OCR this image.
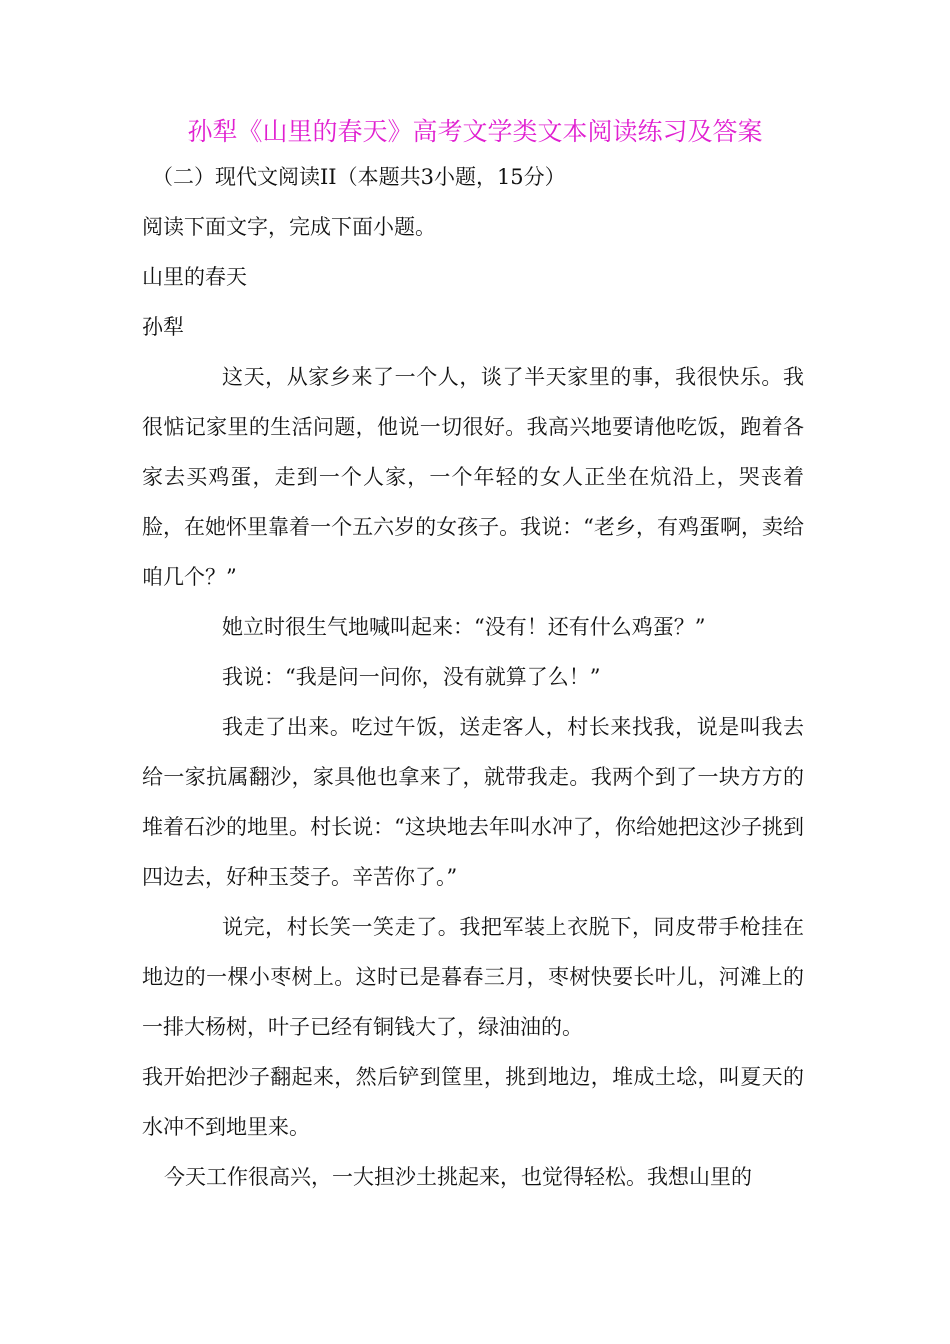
孙犁《山里的春天》高考文学类文本阅读练习及答案
（二）现代文阅读II（本题共3小题，15分）
阅读下面文字，完成下面小题。
山里的春天
孙犁

这天，从家乡来了一个人，谈了半天家里的事，我很快乐。我很惦记家里的生活问题，他说一切很好。我高兴地要请他吃饭，跑着各家去买鸡蛋，走到一个人家，一个年轻的女人正坐在炕沿上，哭丧着脸，在她怀里靠着一个五六岁的女孩子。我说：“老乡，有鸡蛋啊，卖给咱几个？”

她立时很生气地喊叫起来：“没有！还有什么鸡蛋？”

我说：“我是问一问你，没有就算了么！”

我走了出来。吃过午饭，送走客人，村长来找我，说是叫我去给一家抗属翻沙，家具他也拿来了，就带我走。我两个到了一块方方的堆着石沙的地里。村长说：“这块地去年叫水冲了，你给她把这沙子挑到四边去，好种玉茭子。辛苦你了。”

说完，村长笑一笑走了。我把军装上衣脱下，同皮带手枪挂在地边的一棵小枣树上。这时已是暮春三月，枣树快要长叶儿，河滩上的一排大杨树，叶子已经有铜钱大了，绿油油的。

我开始把沙子翻起来，然后铲到筐里，挑到地边，堆成土埝，叫夏天的水冲不到地里来。

今天工作很高兴，一大担沙土挑起来，也觉得轻松。我想山里的
